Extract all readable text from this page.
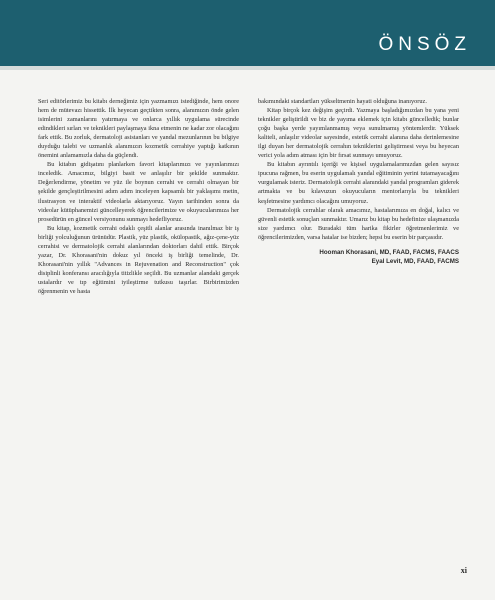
ÖNSÖZ

Seri editörlerimiz bu kitabı derneğimiz için yazmamızı istediğinde, hem onore hem de mütevazı hissettik. İlk heyecan geçtikten sonra, alanımızın önde gelen isimlerini zamanlarını yatırmaya ve onlarca yıllık uygulama sürecinde edindikleri sırları ve teknikleri paylaşmaya ikna etmenin ne kadar zor olacağını fark ettik. Bu zorluk, dermatoloji asistanları ve yandal mezunlarının bu bilgiye duyduğu talebi ve uzmanlık alanımızın kozmetik cerrahiye yaptığı katkının önemini anlamamızla daha da güçlendi.

Bu kitabın gidişatını planlarken favori kitaplarımızı ve yayınlarımızı inceledik. Amacımız, bilgiyi basit ve anlaşılır bir şekilde sunmaktır. Değerlendirme, yönetim ve yüz ile boynun cerrahi ve cerrahi olmayan bir şekilde gençleştirilmesini adım adım inceleyen kapsamlı bir yaklaşımı metin, ilustrasyon ve interaktif videolarla aktarıyoruz. Yayın tarihinden sonra da videolar kütüphanemizi güncelleyerek öğrencilerimize ve okuyucularımıza her prosedürün en güncel versiyonunu sunmayı hedefliyoruz.

Bu kitap, kozmetik cerrahi odaklı çeşitli alanlar arasında inanılmaz bir iş birliği yolculuğunun ürünüdür. Plastik, yüz plastik, okülopastik, ağız-çene-yüz cerrahisi ve dermatolojik cerrahi alanlarından doktorları dahil ettik. Birçok yazar, Dr. Khorasani'nin dokuz yıl önceki iş birliği temelinde, Dr. Khorasani'nin yıllık "Advances in Rejuvenation and Reconstruction" çok disiplinli konferansı aracılığıyla titizlikle seçildi. Bu uzmanlar alandaki gerçek ustalardır ve tıp eğitimini iyileştirme tutkusu taşırlar. Birbirimizden öğrenmenin ve hasta

bakımındaki standartları yükseltmenin hayati olduğuna inanıyoruz.

Kitap birçok kez değişim geçirdi. Yazmaya başladığımızdan bu yana yeni teknikler geliştirildi ve biz de yayıma eklemek için kitabı güncelledik; bunlar çoğu başka yerde yayımlanmamış veya sunulmamış yöntemlerdir. Yüksek kaliteli, anlaşılır videolar sayesinde, estetik cerrahi alanına daha derinlemesine ilgi duyan her dermatolojik cerrahın tekniklerini geliştirmesi veya bu heyecan verici yola adım atması için bir fırsat sunmayı umuyoruz.

Bu kitabın ayrıntılı içeriği ve kişisel uygulamalarımızdan gelen sayısız ipucuna rağmen, bu eserin uygulamalı yandal eğitiminin yerini tutamayacağını vurgulamak isteriz. Dermatolojik cerrahi alanındaki yandal programları giderek artmakta ve bu kılavuzun okuyucuların mentorlarıyla bu teknikleri keşfetmesine yardımcı olacağını umuyoruz.

Dermatolojik cerrahlar olarak amacımız, hastalarımıza en doğal, kalıcı ve güvenli estetik sonuçları sunmaktır. Umarız bu kitap bu hedefinize ulaşmanızda size yardımcı olur. Buradaki tüm harika fikirler öğretmenlerimiz ve öğrencilerimizden, varsa hatalar ise bizden; hepsi bu eserin bir parçasıdır.

Hooman Khorasani, MD, FAAD, FACMS, FAACS
Eyal Levit, MD, FAAD, FACMS
xi
